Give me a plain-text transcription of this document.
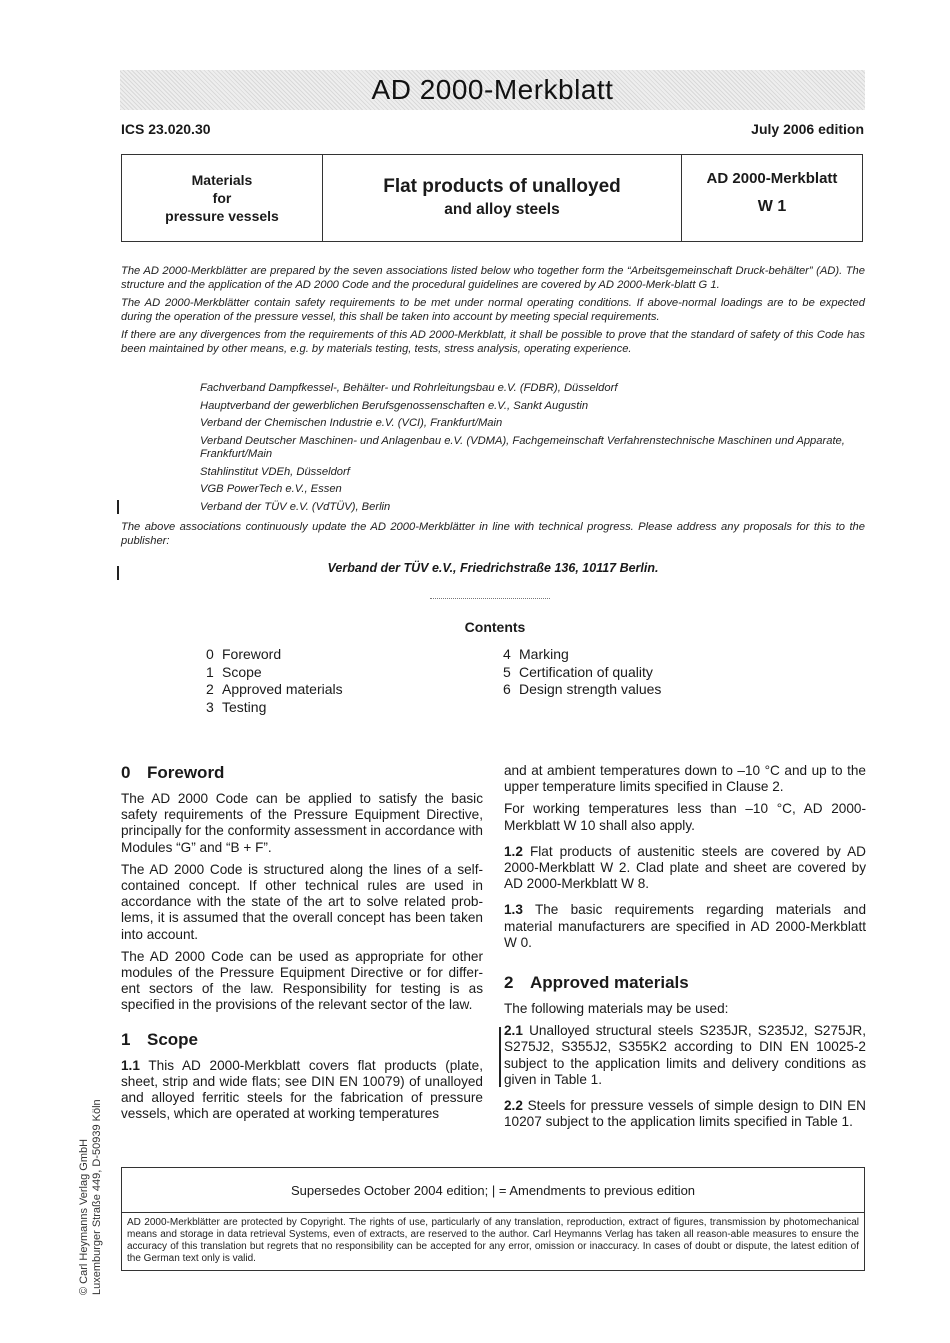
AD 2000-Merkblatt
ICS 23.020.30	July 2006 edition
Materials
for
pressure vessels
Flat products of unalloyed
and alloy steels
AD 2000-Merkblatt
W 1

The AD 2000-Merkblätter are prepared by the seven associations listed below who together form the “Arbeitsgemeinschaft Druck-behälter” (AD). The structure and the application of the AD 2000 Code and the procedural guidelines are covered by AD 2000-Merk-blatt G 1.

The AD 2000-Merkblätter contain safety requirements to be met under normal operating conditions. If above-normal loadings are to be expected during the operation of the pressure vessel, this shall be taken into account by meeting special requirements.

If there are any divergences from the requirements of this AD 2000-Merkblatt, it shall be possible to prove that the standard of safety of this Code has been maintained by other means, e.g. by materials testing, tests, stress analysis, operating experience.

Fachverband Dampfkessel-, Behälter- und Rohrleitungsbau e.V. (FDBR), Düsseldorf
Hauptverband der gewerblichen Berufsgenossenschaften e.V., Sankt Augustin
Verband der Chemischen Industrie e.V. (VCI), Frankfurt/Main
Verband Deutscher Maschinen- und Anlagenbau e.V. (VDMA), Fachgemeinschaft Verfahrenstechnische Maschinen und Apparate, Frankfurt/Main
Stahlinstitut VDEh, Düsseldorf
VGB PowerTech e.V., Essen
Verband der TÜV e.V. (VdTÜV), Berlin

The above associations continuously update the AD 2000-Merkblätter in line with technical progress. Please address any proposals for this to the publisher:

Verband der TÜV e.V., Friedrichstraße 136, 10117 Berlin.
Contents
0 Foreword
1 Scope
2 Approved materials
3 Testing
4 Marking
5 Certification of quality
6 Design strength values
0 Foreword

The AD 2000 Code can be applied to satisfy the basic safety requirements of the Pressure Equipment Directive, principally for the conformity assessment in accordance with Modules “G” and “B + F”.

The AD 2000 Code is structured along the lines of a self-contained concept. If other technical rules are used in accordance with the state of the art to solve related prob-lems, it is assumed that the overall concept has been taken into account.

The AD 2000 Code can be used as appropriate for other modules of the Pressure Equipment Directive or for differ-ent sectors of the law. Responsibility for testing is as specified in the provisions of the relevant sector of the law.

1 Scope

1.1 This AD 2000-Merkblatt covers flat products (plate, sheet, strip and wide flats; see DIN EN 10079) of unalloyed and alloyed ferritic steels for the fabrication of pressure vessels, which are operated at working temperatures

and at ambient temperatures down to –10 °C and up to the upper temperature limits specified in Clause 2.

For working temperatures less than –10 °C, AD 2000-Merkblatt W 10 shall also apply.

1.2 Flat products of austenitic steels are covered by AD 2000-Merkblatt W 2. Clad plate and sheet are covered by AD 2000-Merkblatt W 8.

1.3 The basic requirements regarding materials and material manufacturers are specified in AD 2000-Merkblatt W 0.

2 Approved materials

The following materials may be used:

2.1 Unalloyed structural steels S235JR, S235J2, S275JR, S275J2, S355J2, S355K2 according to DIN EN 10025-2 subject to the application limits and delivery conditions as given in Table 1.

2.2 Steels for pressure vessels of simple design to DIN EN 10207 subject to the application limits specified in Table 1.

© Carl Heymanns Verlag GmbH Luxemburger Straße 449, D-50939 Köln	Supersedes October 2004 edition; | = Amendments to previous edition
AD 2000-Merkblätter are protected by Copyright. The rights of use, particularly of any translation, reproduction, extract of figures, transmission by photomechanical means and storage in data retrieval Systems, even of extracts, are reserved to the author. Carl Heymanns Verlag has taken all reason-able measures to ensure the accuracy of this translation but regrets that no responsibility can be accepted for any error, omission or inaccuracy. In cases of doubt or dispute, the latest edition of the German text only is valid.
